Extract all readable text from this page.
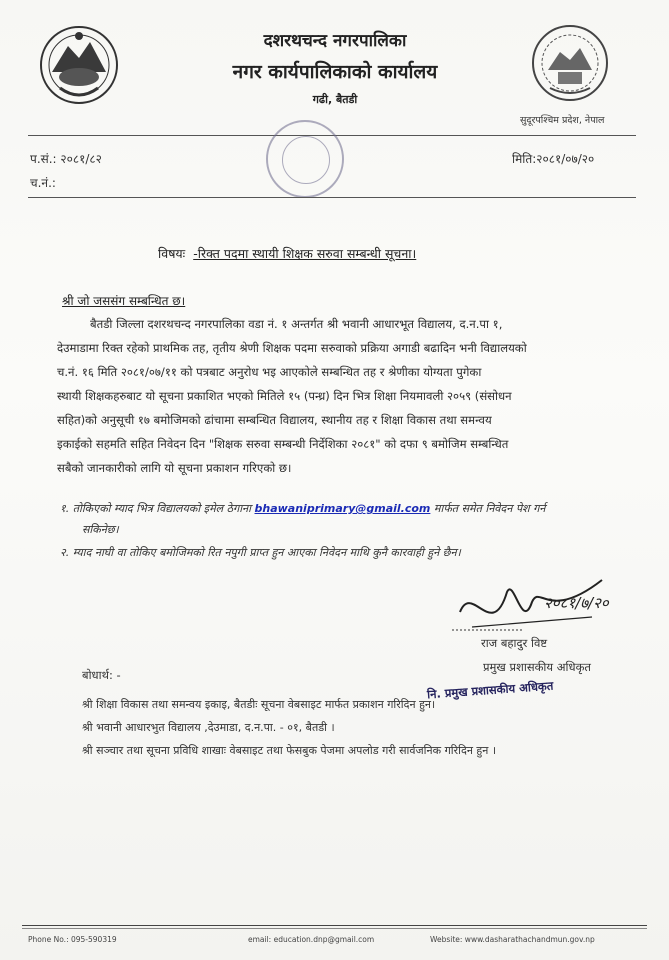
दशरथचन्द नगरपालिका
नगर कार्यपालिकाको कार्यालय
गढी, बैतडी
सुदूरपश्चिम प्रदेश, नेपाल
प.सं.: २०८१/८२
च.नं.:
मिति:२०८१/०७/२०
विषयः -रिक्त पदमा स्थायी शिक्षक सरुवा सम्बन्धी सूचना।
श्री जो जससंग सम्बन्धित छ।
बैतडी जिल्ला दशरथचन्द नगरपालिका वडा नं. १ अन्तर्गत श्री भवानी आधारभूत विद्यालय, द.न.पा १,
देउमाडामा रिक्त रहेको प्राथमिक तह, तृतीय श्रेणी शिक्षक पदमा सरुवाको प्रक्रिया अगाडी बढादिन भनी विद्यालयको
च.नं. १६ मिति २०८१/०७/११ को पत्रबाट अनुरोध भइ आएकोले सम्बन्धित तह र श्रेणीका योग्यता पुगेका
स्थायी शिक्षकहरुबाट यो सूचना प्रकाशित भएको मितिले १५ (पन्ध्र) दिन भित्र शिक्षा नियमावली २०५९ (संसोधन
सहित)को अनुसूची १७ बमोजिमको ढांचामा सम्बन्धित विद्यालय, स्थानीय तह र शिक्षा विकास तथा समन्वय
इकाईको सहमति सहित निवेदन दिन "शिक्षक सरुवा सम्बन्धी निर्देशिका २०८१" को दफा ९ बमोजिम सम्बन्धित
सबैको जानकारीको लागि यो सूचना प्रकाशन गरिएको छ।
१. तोकिएको म्याद भित्र विद्यालयको इमेल ठेगाना bhawaniprimary@gmail.com मार्फत समेत निवेदन पेश गर्न
सकिनेछ।
२. म्याद नाघी वा तोकिए बमोजिमको रित नपुगी प्राप्त हुन आएका निवेदन माथि कुनै कारवाही हुने छैन।
२०८१/७/२०
राज बहादुर विष्ट
प्रमुख प्रशासकीय अधिकृत
नि. प्रमुख प्रशासकीय अधिकृत
बोधार्थ: -
श्री शिक्षा विकास तथा समन्वय इकाइ, बैतडीः सूचना वेबसाइट मार्फत प्रकाशन गरिदिन हुन।
श्री भवानी आधारभुत विद्यालय ,देउमाडा, द.न.पा. - ०१, बैतडी ।
श्री सञ्चार तथा सूचना प्रविधि शाखाः वेबसाइट तथा फेसबुक पेजमा अपलोड गरी सार्वजनिक गरिदिन हुन ।
Phone No.: 095-590319	email: education.dnp@gmail.com	Website: www.dasharathachandmun.gov.np
